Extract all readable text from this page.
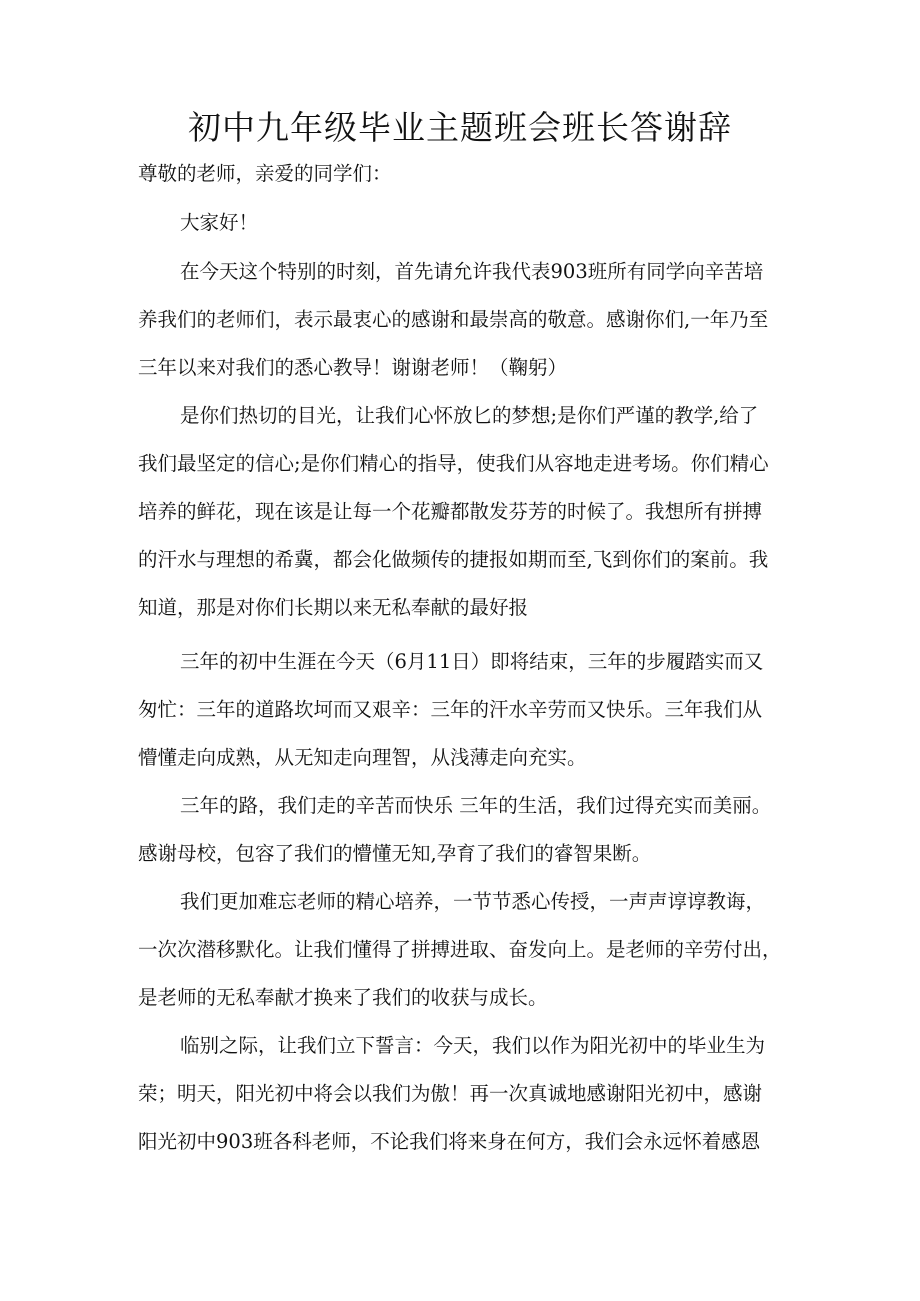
初中九年级毕业主题班会班长答谢辞
尊敬的老师，亲爱的同学们：
大家好！
在今天这个特别的时刻，首先请允许我代表903班所有同学向辛苦培
养我们的老师们，表示最衷心的感谢和最崇高的敬意。感谢你们,一年乃至
三年以来对我们的悉心教导！谢谢老师！（鞠躬）
是你们热切的目光，让我们心怀放匕的梦想;是你们严谨的教学,给了
我们最坚定的信心;是你们精心的指导，使我们从容地走进考场。你们精心
培养的鲜花，现在该是让每一个花瓣都散发芬芳的时候了。我想所有拼搏
的汗水与理想的希冀，都会化做频传的捷报如期而至,飞到你们的案前。我
知道，那是对你们长期以来无私奉献的最好报
三年的初中生涯在今天（6月11日）即将结束，三年的步履踏实而又
匆忙：三年的道路坎坷而又艰辛：三年的汗水辛劳而又快乐。三年我们从
懵懂走向成熟，从无知走向理智，从浅薄走向充实。
三年的路，我们走的辛苦而快乐 三年的生活，我们过得充实而美丽。
感谢母校，包容了我们的懵懂无知,孕育了我们的睿智果断。
我们更加难忘老师的精心培养，一节节悉心传授，一声声谆谆教诲，
一次次潜移默化。让我们懂得了拼搏进取、奋发向上。是老师的辛劳付出，
是老师的无私奉献才换来了我们的收获与成长。
临别之际，让我们立下誓言：今天，我们以作为阳光初中的毕业生为
荣；明天，阳光初中将会以我们为傲！再一次真诚地感谢阳光初中，感谢
阳光初中903班各科老师，不论我们将来身在何方，我们会永远怀着感恩
